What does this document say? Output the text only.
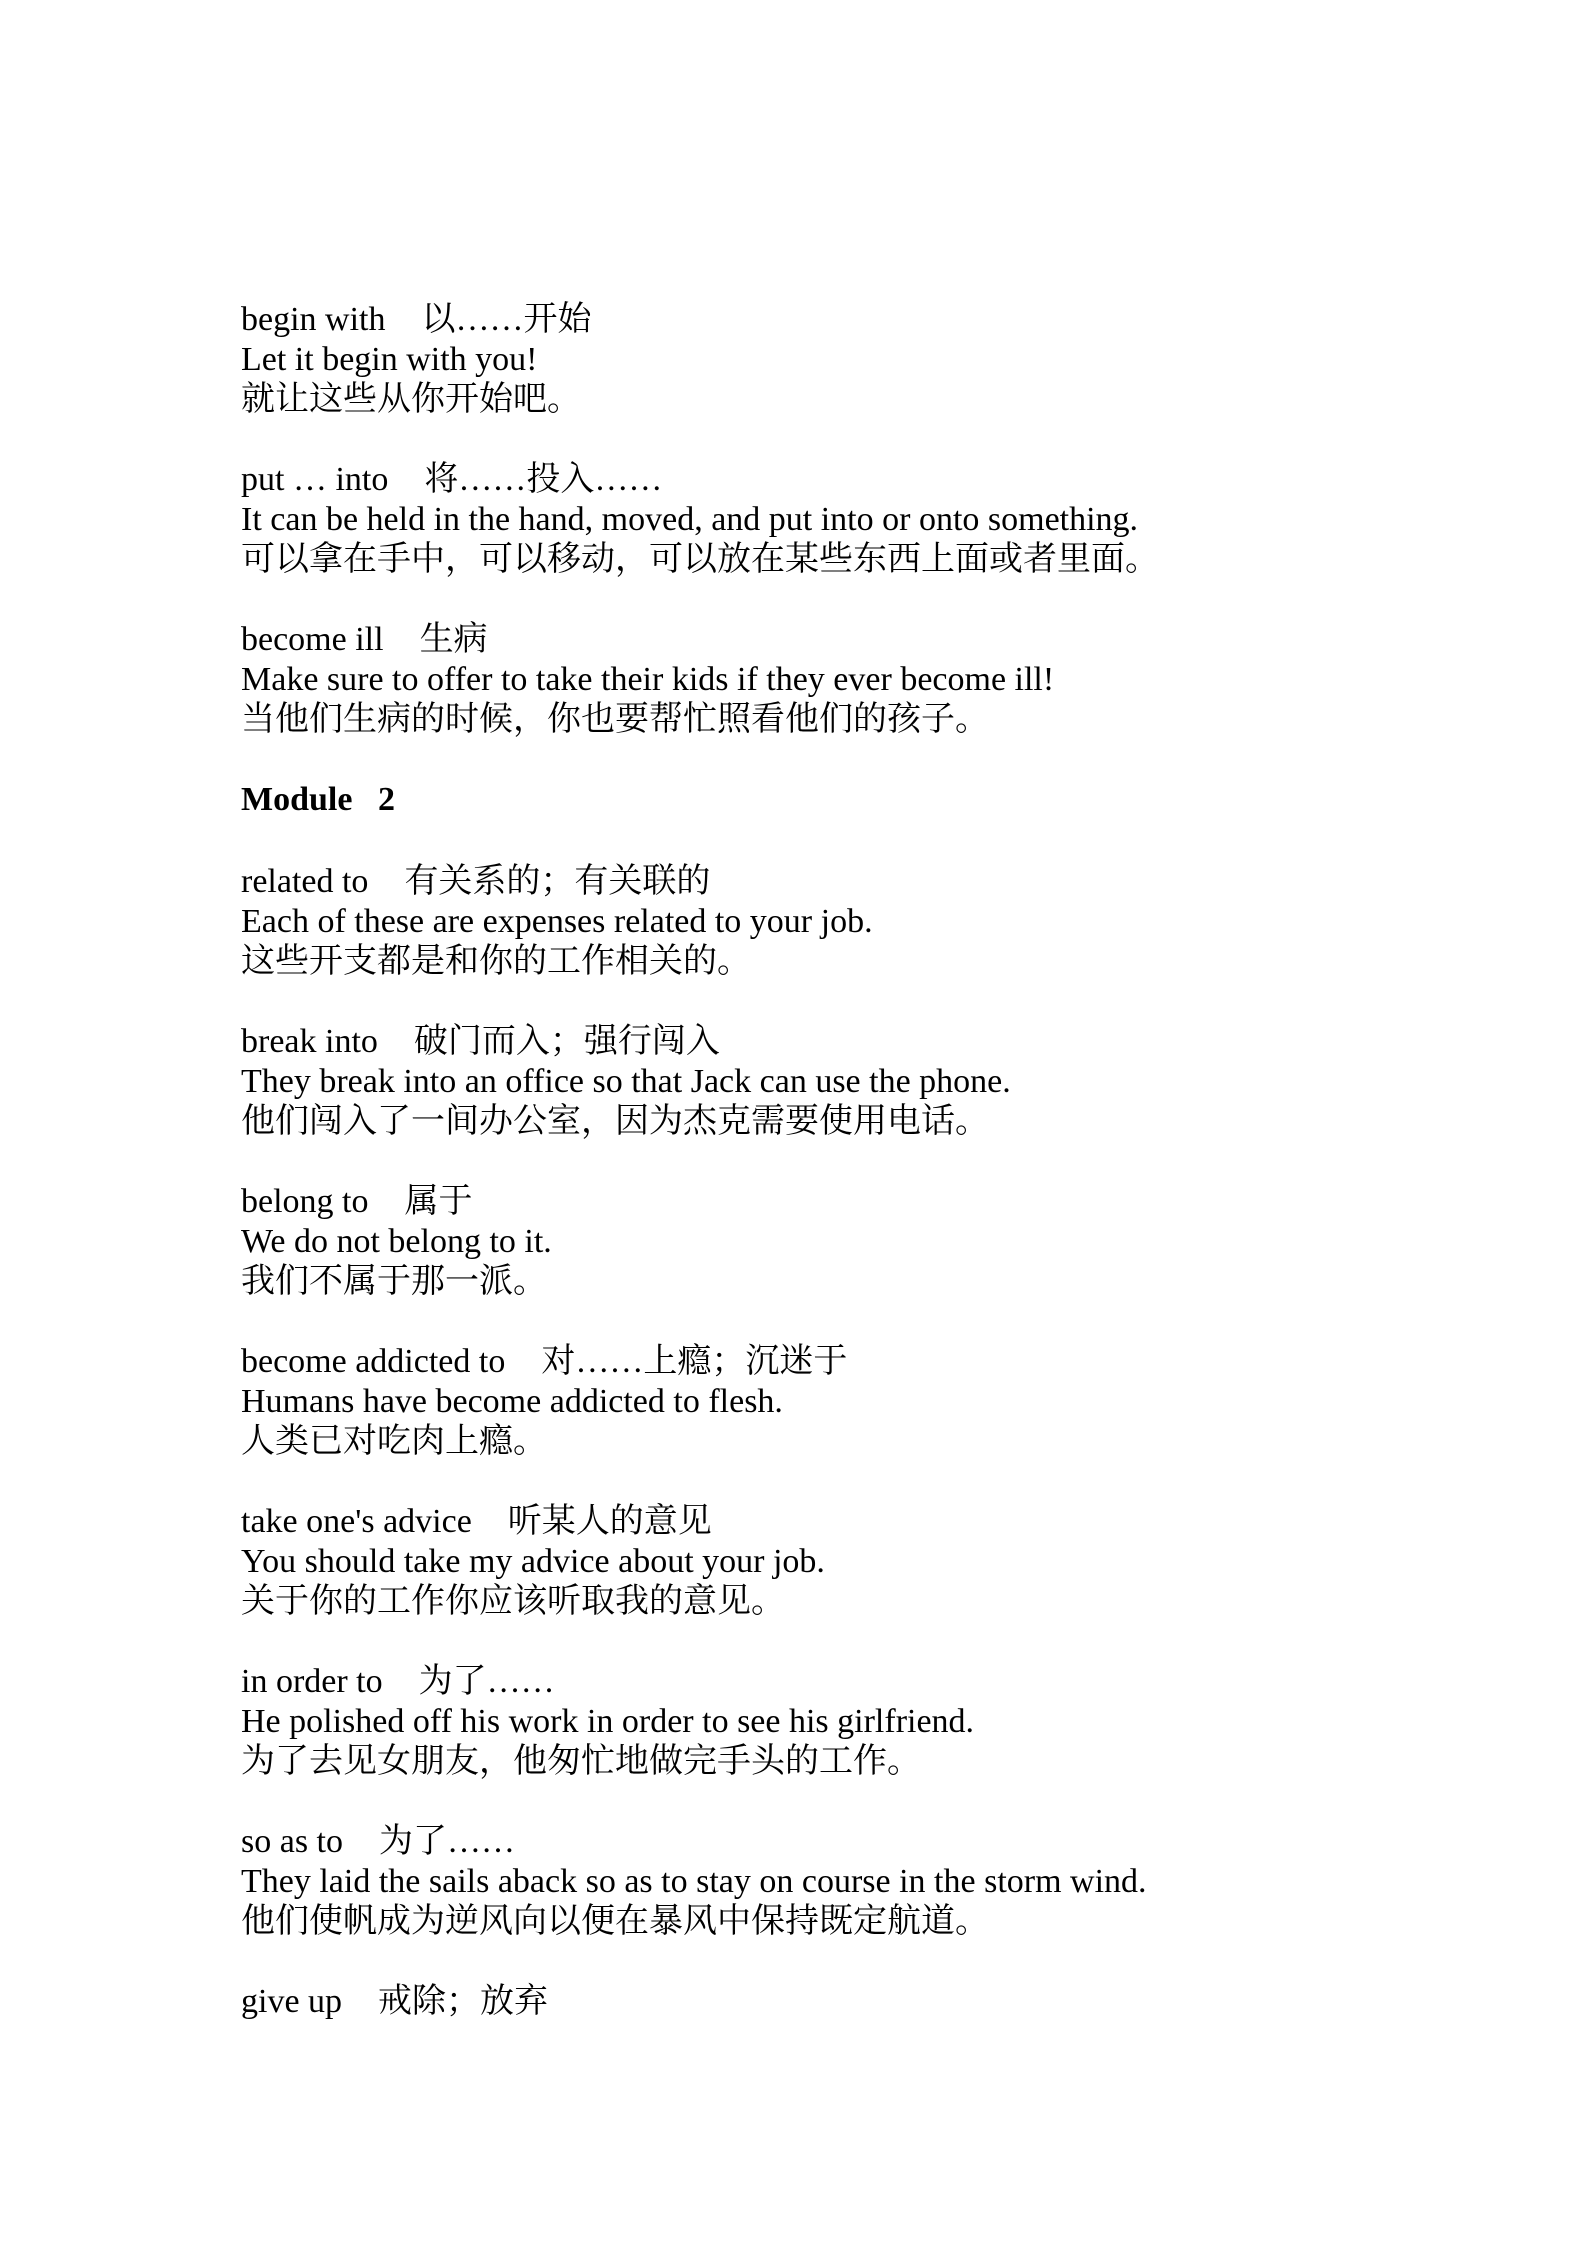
begin with 以……开始
Let it begin with you!
就让这些从你开始吧。
put … into 将……投入……
It can be held in the hand, moved, and put into or onto something.
可以拿在手中，可以移动，可以放在某些东西上面或者里面。
become ill 生病
Make sure to offer to take their kids if they ever become ill!
当他们生病的时候，你也要帮忙照看他们的孩子。
Module   2
related to 有关系的；有关联的
Each of these are expenses related to your job.
这些开支都是和你的工作相关的。
break into 破门而入；强行闯入
They break into an office so that Jack can use the phone.
他们闯入了一间办公室，因为杰克需要使用电话。
belong to 属于
We do not belong to it.
我们不属于那一派。
become addicted to 对……上瘾；沉迷于
Humans have become addicted to flesh.
人类已对吃肉上瘾。
take one's advice 听某人的意见
You should take my advice about your job.
关于你的工作你应该听取我的意见。
in order to 为了……
He polished off his work in order to see his girlfriend.
为了去见女朋友，他匆忙地做完手头的工作。
so as to 为了……
They laid the sails aback so as to stay on course in the storm wind.
他们使帆成为逆风向以便在暴风中保持既定航道。
give up 戒除；放弃
